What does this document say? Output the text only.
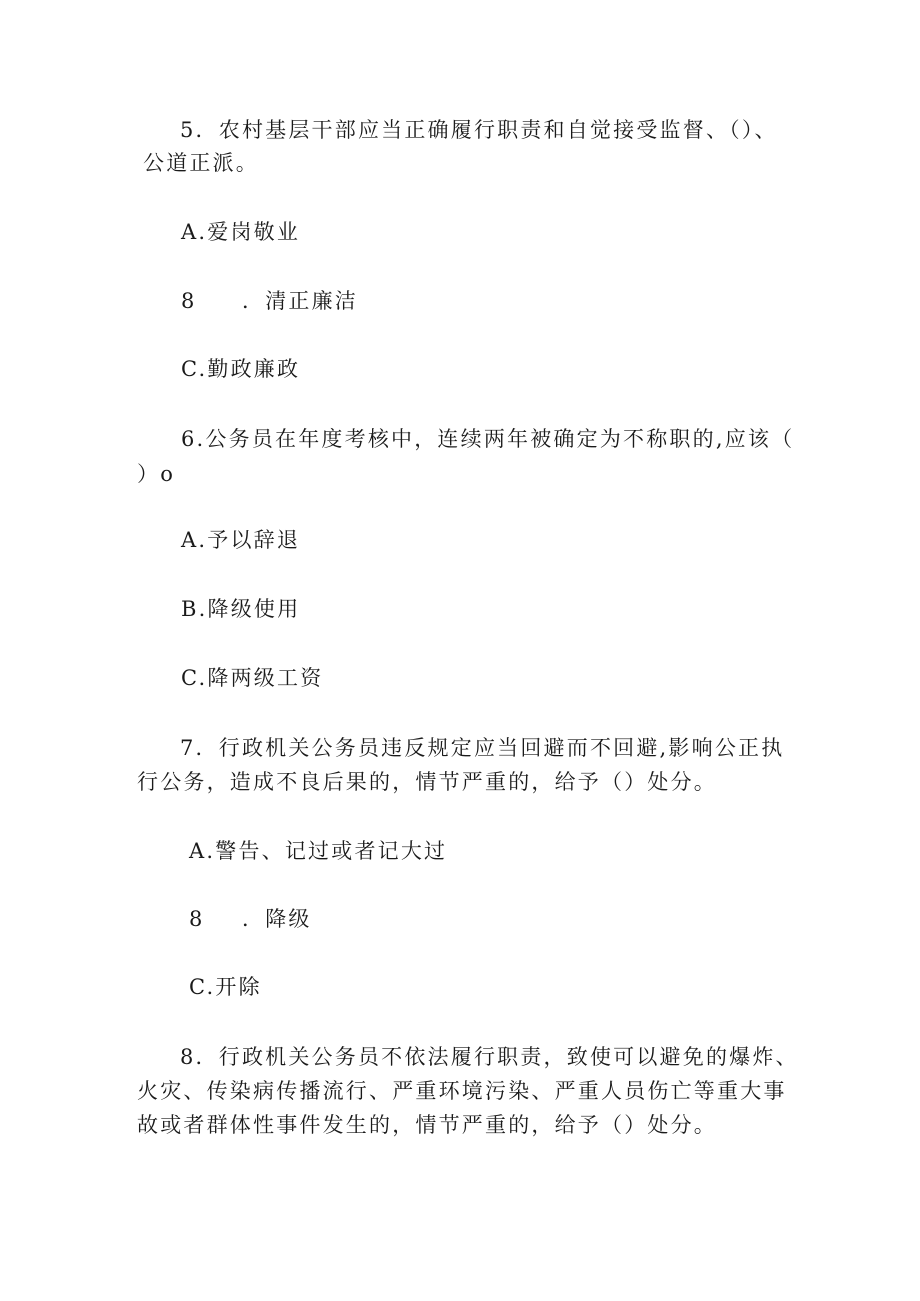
5．农村基层干部应当正确履行职责和自觉接受监督、（）、
公道正派。
A.爱岗敬业
8 ．清正廉洁
C.勤政廉政
6.公务员在年度考核中，连续两年被确定为不称职的,应该（
）o
A.予以辞退
B.降级使用
C.降两级工资
7．行政机关公务员违反规定应当回避而不回避,影响公正执
行公务，造成不良后果的，情节严重的，给予（）处分。
A.警告、记过或者记大过
8 ．降级
C.开除
8．行政机关公务员不依法履行职责，致使可以避免的爆炸、
火灾、传染病传播流行、严重环境污染、严重人员伤亡等重大事
故或者群体性事件发生的，情节严重的，给予（）处分。
